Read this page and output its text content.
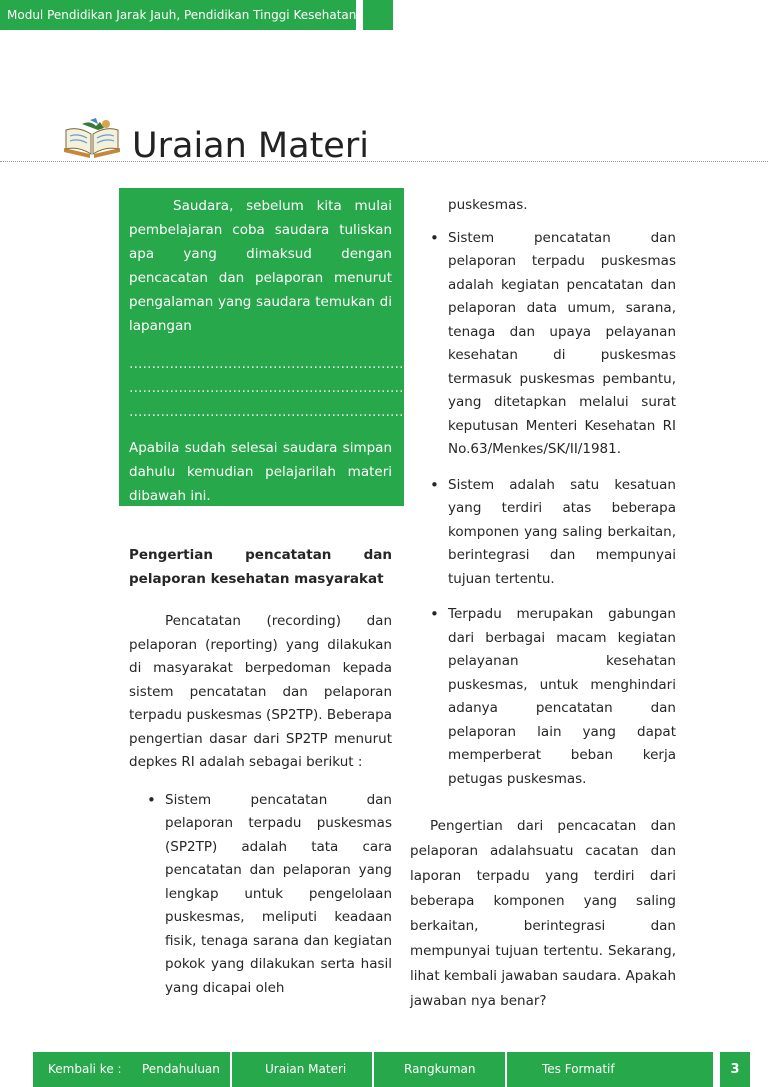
Modul Pendidikan Jarak Jauh, Pendidikan Tinggi Kesehatan
Uraian Materi

Saudara, sebelum kita mulai pembelajaran coba saudara tuliskan apa yang dimaksud dengan pencacatan dan pelaporan menurut pengalaman yang saudara temukan di lapangan

……………………………………………………………………
……………………………………………………………………
……………………………………………………………………

Apabila sudah selesai saudara simpan dahulu kemudian pelajarilah materi dibawah ini.

Pengertian pencatatan dan pelaporan kesehatan masyarakat

Pencatatan (recording) dan pelaporan (reporting) yang dilakukan di masyarakat berpedoman kepada sistem pencatatan dan pelaporan terpadu puskesmas (SP2TP). Beberapa pengertian dasar dari SP2TP menurut depkes RI adalah sebagai berikut :

• Sistem pencatatan dan pelaporan terpadu puskesmas (SP2TP) adalah tata cara pencatatan dan pelaporan yang lengkap untuk pengelolaan puskesmas, meliputi keadaan fisik, tenaga sarana dan kegiatan pokok yang dilakukan serta hasil yang dicapai oleh

puskesmas.

• Sistem pencatatan dan pelaporan terpadu puskesmas adalah kegiatan pencatatan dan pelaporan data umum, sarana, tenaga dan upaya pelayanan kesehatan di puskesmas termasuk puskesmas pembantu, yang ditetapkan melalui surat keputusan Menteri Kesehatan RI No.63/Menkes/SK/II/1981.
• Sistem adalah satu kesatuan yang terdiri atas beberapa komponen yang saling berkaitan, berintegrasi dan mempunyai tujuan tertentu.
• Terpadu merupakan gabungan dari berbagai macam kegiatan pelayanan kesehatan puskesmas, untuk menghindari adanya pencatatan dan pelaporan lain yang dapat memperberat beban kerja petugas puskesmas.

Pengertian dari pencacatan dan pelaporan adalahsuatu cacatan dan laporan terpadu yang terdiri dari beberapa komponen yang saling berkaitan, berintegrasi dan mempunyai tujuan tertentu. Sekarang, lihat kembali jawaban saudara. Apakah jawaban nya benar?

Kembali ke : Pendahuluan	Uraian Materi	Rangkuman	Tes Formatif	3
